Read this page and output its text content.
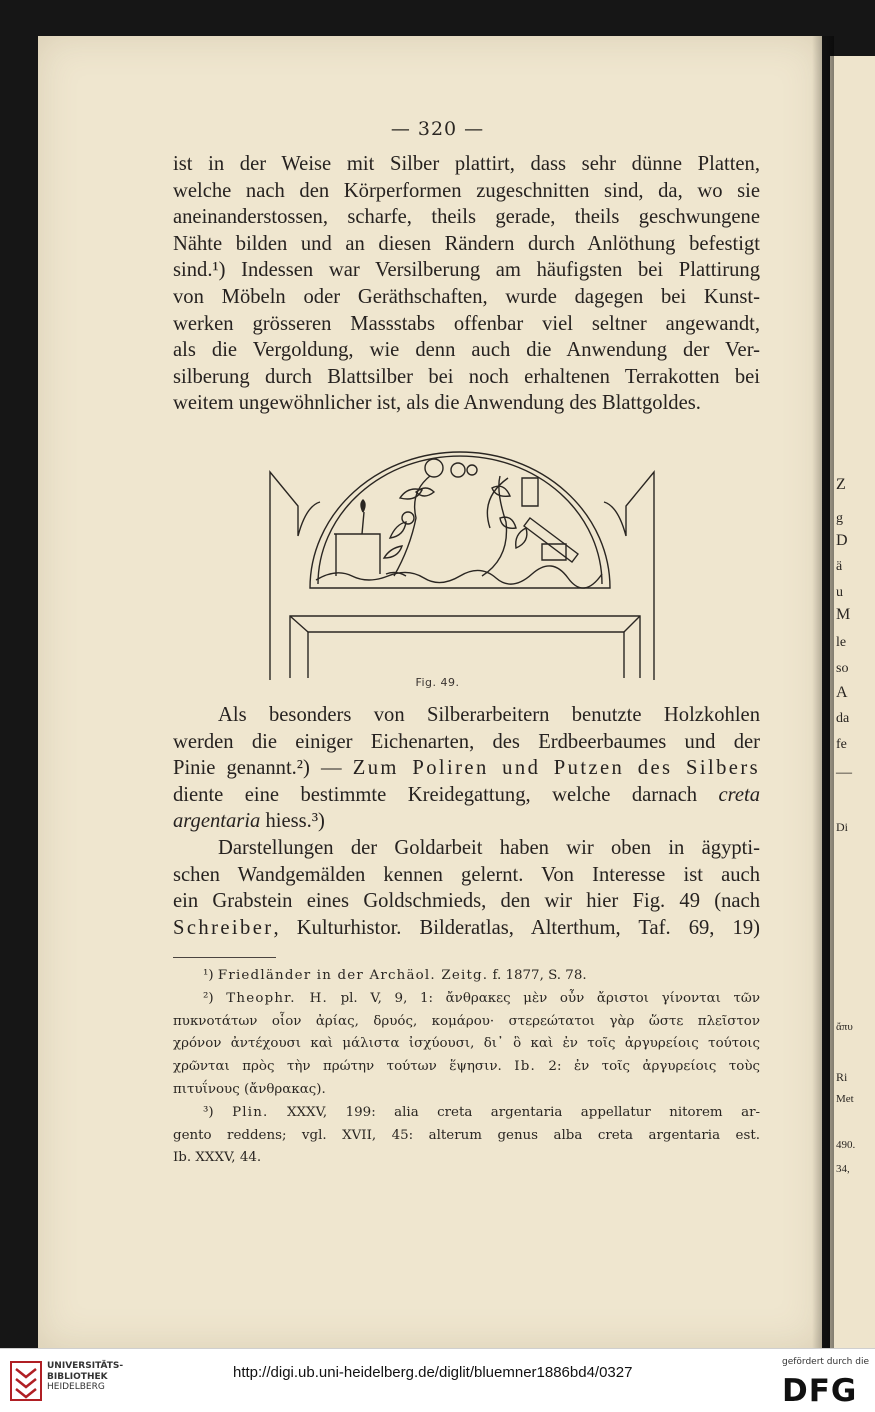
— 320 —
ist in der Weise mit Silber plattirt, dass sehr dünne Platten,
welche nach den Körperformen zugeschnitten sind, da, wo sie
aneinanderstossen, scharfe, theils gerade, theils geschwungene
Nähte bilden und an diesen Rändern durch Anlöthung befestigt
sind.¹) Indessen war Versilberung am häufigsten bei Plattirung
von Möbeln oder Geräthschaften, wurde dagegen bei Kunst-
werken grösseren Massstabs offenbar viel seltner angewandt,
als die Vergoldung, wie denn auch die Anwendung der Ver-
silberung durch Blattsilber bei noch erhaltenen Terrakotten bei
weitem ungewöhnlicher ist, als die Anwendung des Blattgoldes.
Fig. 49.
Als besonders von Silberarbeitern benutzte Holzkohlen
werden die einiger Eichenarten, des Erdbeerbaumes und der
Pinie genannt.²) — Zum Poliren und Putzen des Silbers
diente eine bestimmte Kreidegattung, welche darnach creta
argentaria hiess.³)
Darstellungen der Goldarbeit haben wir oben in ägypti-
schen Wandgemälden kennen gelernt. Von Interesse ist auch
ein Grabstein eines Goldschmieds, den wir hier Fig. 49 (nach
Schreiber, Kulturhistor. Bilderatlas, Alterthum, Taf. 69, 19)
¹) Friedländer in der Archäol. Zeitg. f. 1877, S. 78.
²) Theophr. H. pl. V, 9, 1: ἄνθρακες μὲν οὖν ἄριστοι γίνονται τῶν
πυκνοτάτων οἷον ἀρίας, δρυός, κομάρου· στερεώτατοι γὰρ ὥστε πλεῖστον
χρόνον ἀντέχουσι καὶ μάλιστα ἰσχύουσι, δι᾽ ὃ καὶ ἐν τοῖς ἀργυρείοις τούτοις
χρῶνται πρὸς τὴν πρώτην τούτων ἕψησιν. Ib. 2: ἐν τοῖς ἀργυρείοις τοὺς
πιτυΐνους (ἄνθρακας).
³) Plin. XXXV, 199: alia creta argentaria appellatur nitorem ar-
gento reddens; vgl. XVII, 45: alterum genus alba creta argentaria est.
Ib. XXXV, 44.
Z
g
D
ä
u
M
le
so
A
da
fe
—
Di
ἄπυ
Ri
Met
490.
34,
UNIVERSITÄTS-
BIBLIOTHEK
HEIDELBERG
http://digi.ub.uni-heidelberg.de/diglit/bluemner1886bd4/0327
gefördert durch die
DFG
